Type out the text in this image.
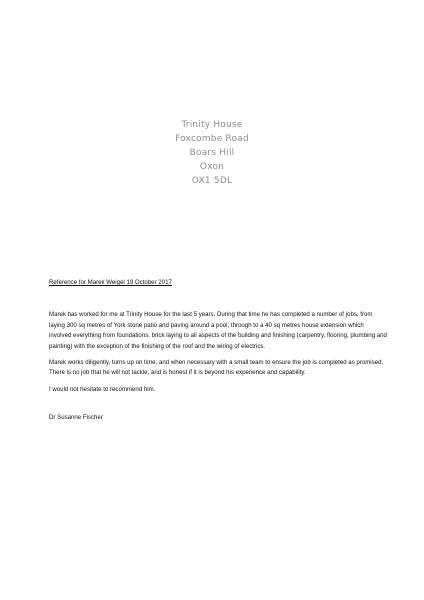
Trinity House
Foxcombe Road
Boars Hill
Oxon
OX1 5DL
Reference for Marek Weigel 19 October 2017
Marek has worked for me at Trinity House for the last 5 years. During that time he has completed a number of jobs, from laying 300 sq metres of York stone patio and paving around a pool, through to a 40 sq metres house extension which involved everything from foundations, brick laying to all aspects of the building and finishing (carpentry, flooring, plumbing and painting) with the exception of the finishing of the roof and the wiring of electrics.
Marek works diligently, turns up on time, and when necessary with a small team to ensure the job is completed as promised. There is no job that he will not tackle, and is honest if it is beyond his experience and capability.
I would not hesitate to recommend him.
Dr Susanne Fischer
